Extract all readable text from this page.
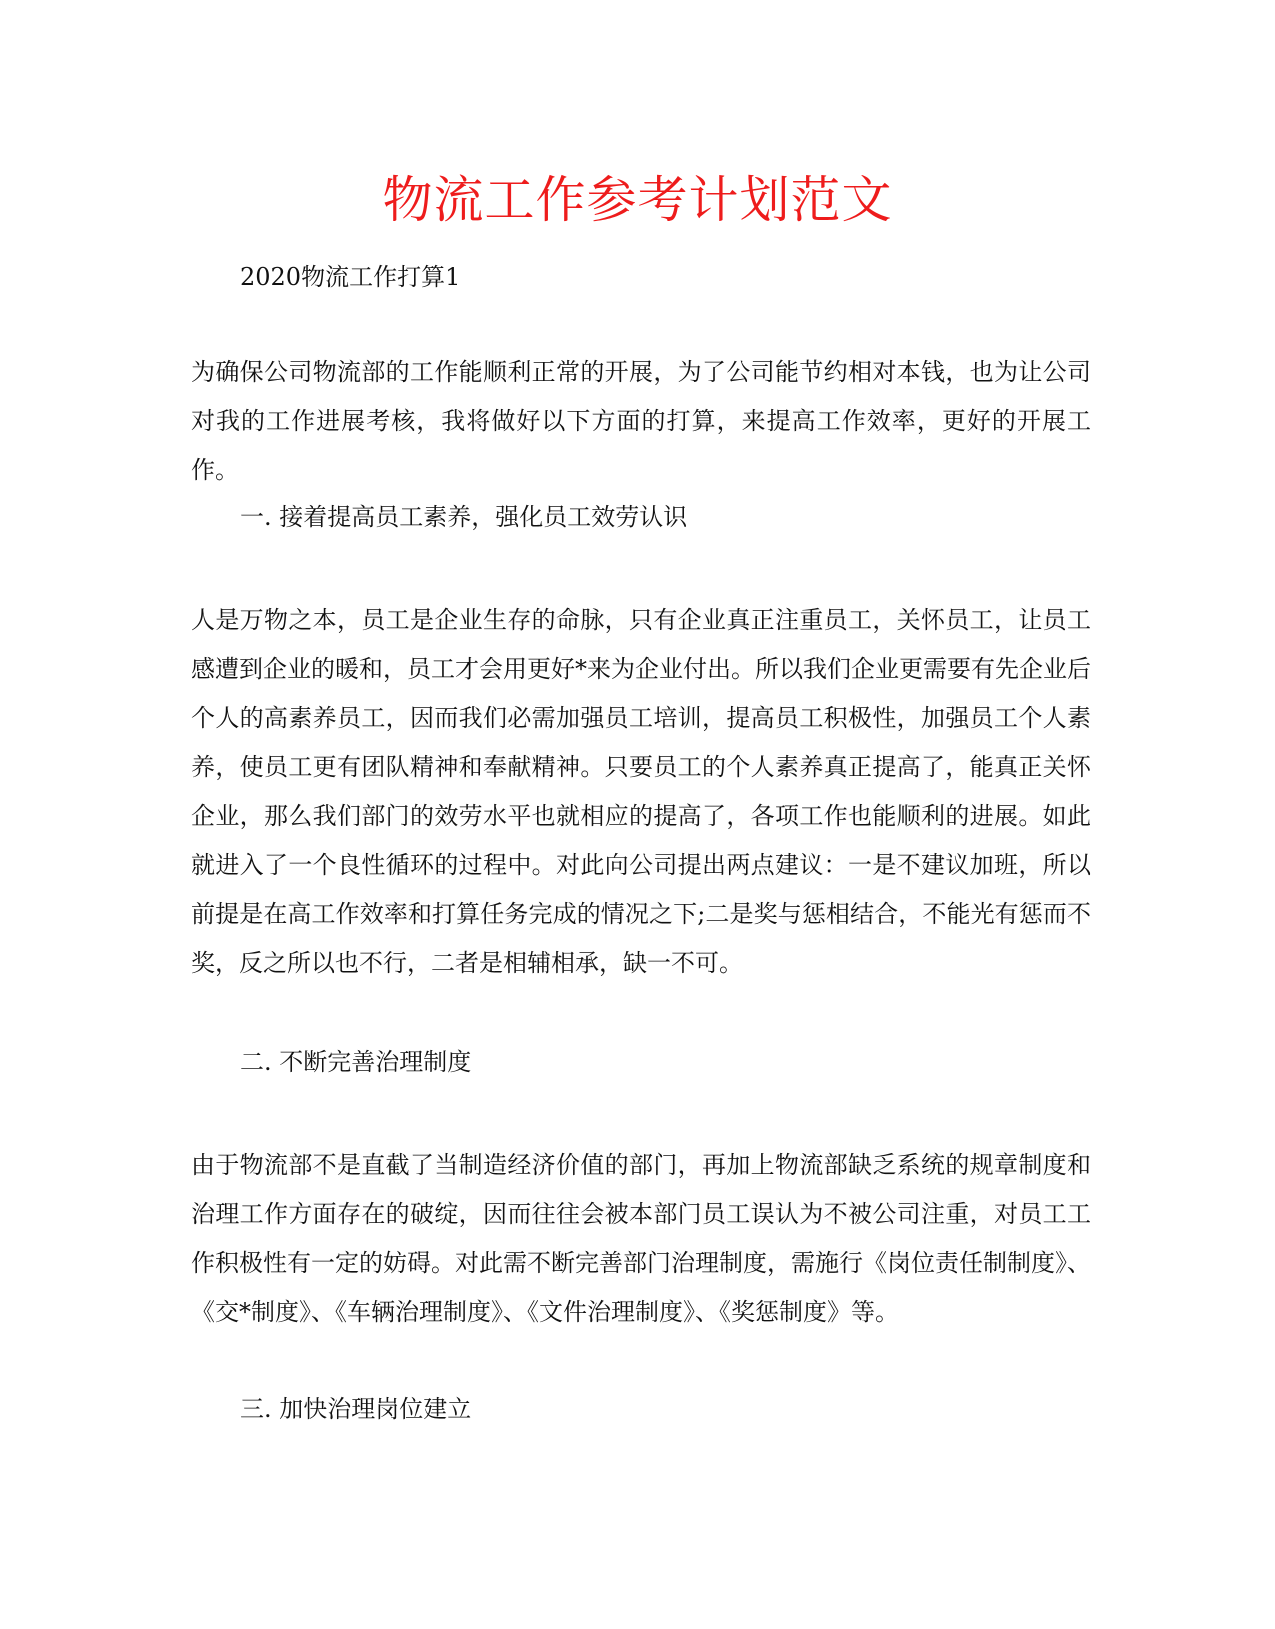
物流工作参考计划范文
2020物流工作打算1

为确保公司物流部的工作能顺利正常的开展，为了公司能节约相对本钱，也为让公司对我的工作进展考核，我将做好以下方面的打算，来提高工作效率，更好的开展工作。

一. 接着提高员工素养，强化员工效劳认识

人是万物之本，员工是企业生存的命脉，只有企业真正注重员工，关怀员工，让员工感遭到企业的暖和，员工才会用更好*来为企业付出。所以我们企业更需要有先企业后个人的高素养员工，因而我们必需加强员工培训，提高员工积极性，加强员工个人素养，使员工更有团队精神和奉献精神。只要员工的个人素养真正提高了，能真正关怀企业，那么我们部门的效劳水平也就相应的提高了，各项工作也能顺利的进展。如此就进入了一个良性循环的过程中。对此向公司提出两点建议：一是不建议加班，所以前提是在高工作效率和打算任务完成的情况之下;二是奖与惩相结合，不能光有惩而不奖，反之所以也不行，二者是相辅相承，缺一不可。

二. 不断完善治理制度

由于物流部不是直截了当制造经济价值的部门，再加上物流部缺乏系统的规章制度和治理工作方面存在的破绽，因而往往会被本部门员工误认为不被公司注重，对员工工作积极性有一定的妨碍。对此需不断完善部门治理制度，需施行《岗位责任制制度》、《交*制度》、《车辆治理制度》、《文件治理制度》、《奖惩制度》等。

三. 加快治理岗位建立
